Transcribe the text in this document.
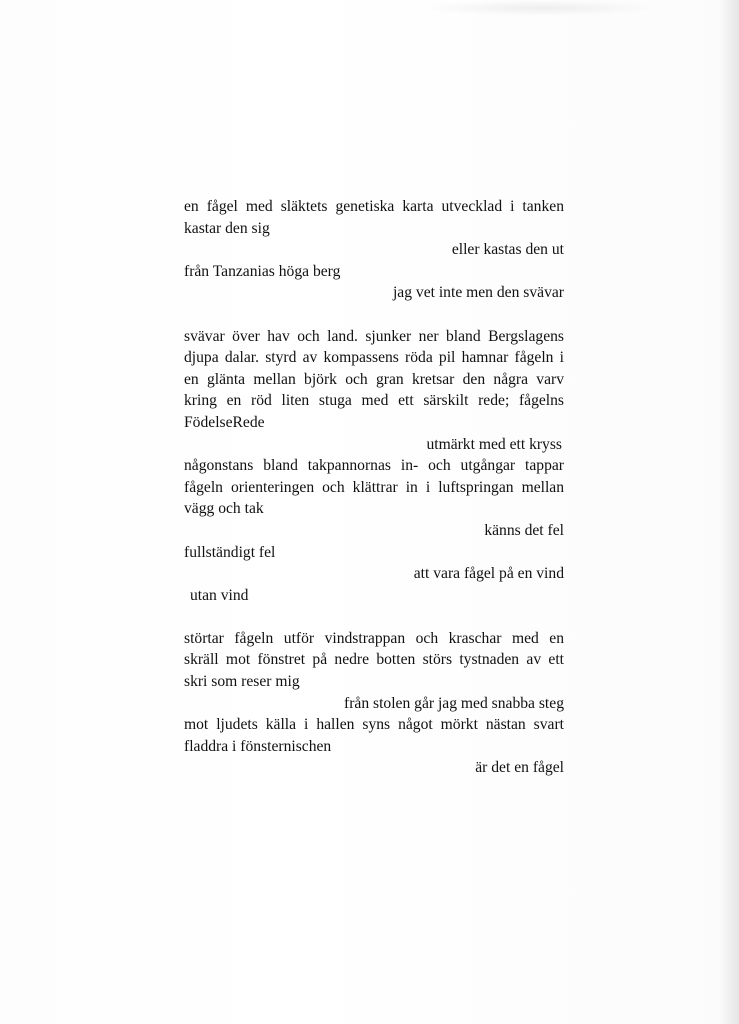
en fågel med släktets genetiska karta utvecklad i tanken
kastar den sig
eller kastas den ut
från Tanzanias höga berg
jag vet inte men den svävar
svävar över hav och land. sjunker ner bland Bergslagens
djupa dalar. styrd av kompassens röda pil hamnar fågeln i
en glänta mellan björk och gran kretsar den några varv
kring en röd liten stuga med ett särskilt rede; fågelns
FödelseRede
utmärkt med ett kryss
någonstans bland takpannornas in- och utgångar tappar
fågeln orienteringen och klättrar in i luftspringan mellan
vägg och tak
känns det fel
fullständigt fel
att vara fågel på en vind
utan vind
störtar fågeln utför vindstrappan och kraschar med en
skräll mot fönstret på nedre botten störs tystnaden av ett
skri som reser mig
från stolen går jag med snabba steg
mot ljudets källa i hallen syns något mörkt nästan svart
fladdra i fönsternischen
är det en fågel
